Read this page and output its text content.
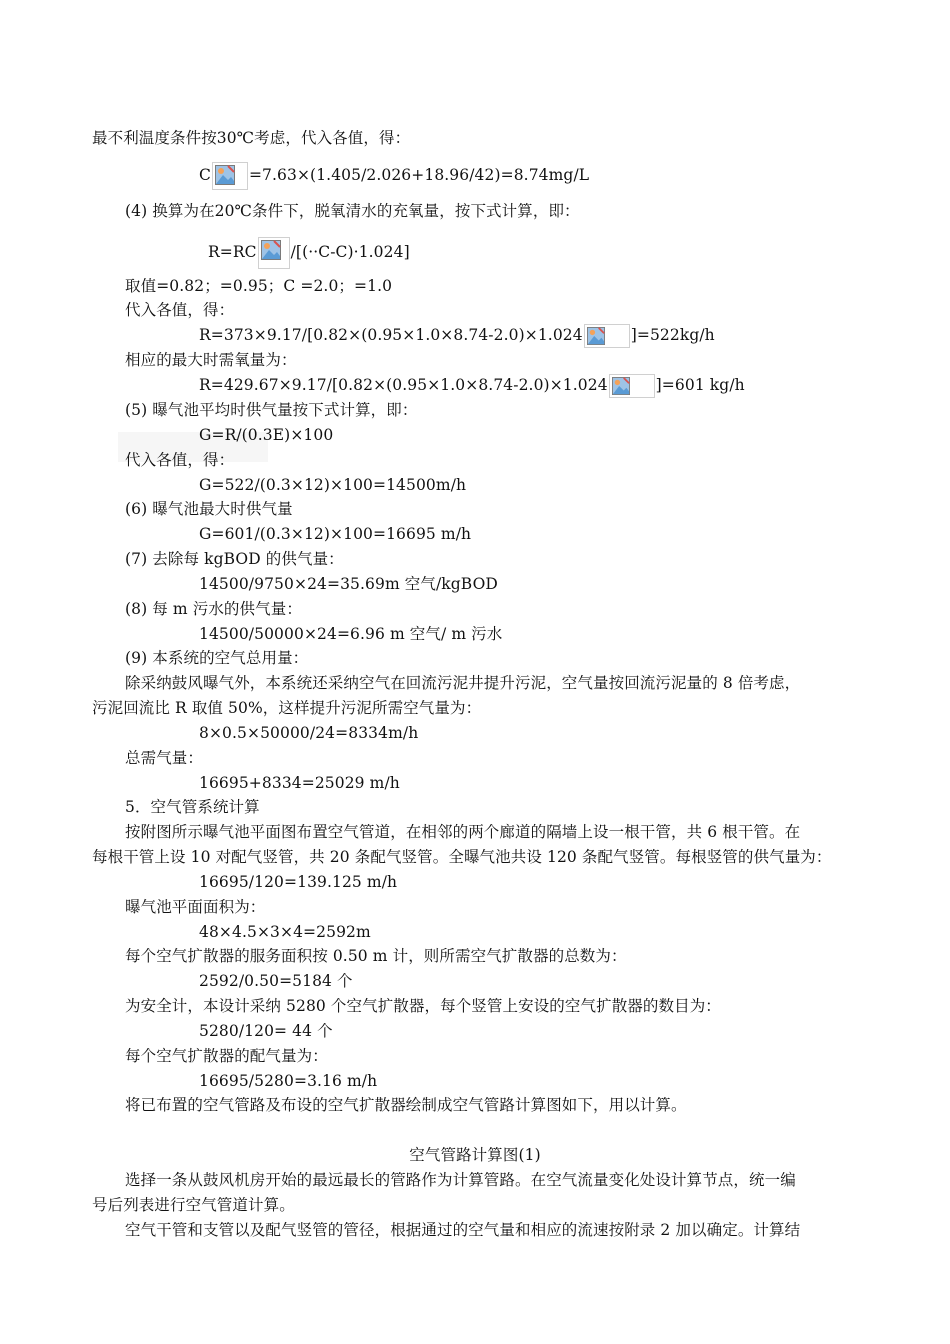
最不利温度条件按30℃考虑，代入各值，得：
C =7.63×(1.405/2.026+18.96/42)=8.74mg/L
(4) 换算为在20℃条件下，脱氧清水的充氧量，按下式计算，即：
R=RC /[(··C-C)·1.024]
取值=0.82；=0.95；C =2.0；=1.0
代入各值，得：
R=373×9.17/[0.82×(0.95×1.0×8.74-2.0)×1.024	]=522kg/h
相应的最大时需氧量为：
R=429.67×9.17/[0.82×(0.95×1.0×8.74-2.0)×1.024	]=601 kg/h
(5) 曝气池平均时供气量按下式计算，即：
G=R/(0.3E)×100
代入各值，得：
G=522/(0.3×12)×100=14500m/h
(6) 曝气池最大时供气量
G=601/(0.3×12)×100=16695 m/h
(7) 去除每 kgBOD 的供气量：
14500/9750×24=35.69m 空气/kgBOD
(8) 每 m 污水的供气量：
14500/50000×24=6.96 m 空气/ m 污水
(9) 本系统的空气总用量：
除采纳鼓风曝气外，本系统还采纳空气在回流污泥井提升污泥，空气量按回流污泥量的 8 倍考虑，
污泥回流比 R 取值 50%，这样提升污泥所需空气量为：
8×0.5×50000/24=8334m/h
总需气量：
16695+8334=25029 m/h
5．空气管系统计算
按附图所示曝气池平面图布置空气管道，在相邻的两个廊道的隔墙上设一根干管，共 6 根干管。在
每根干管上设 10 对配气竖管，共 20 条配气竖管。全曝气池共设 120 条配气竖管。每根竖管的供气量为：
16695/120=139.125 m/h
曝气池平面面积为：
48×4.5×3×4=2592m
每个空气扩散器的服务面积按 0.50 m 计，则所需空气扩散器的总数为：
2592/0.50=5184 个
为安全计，本设计采纳 5280 个空气扩散器，每个竖管上安设的空气扩散器的数目为：
5280/120= 44 个
每个空气扩散器的配气量为：
16695/5280=3.16 m/h
将已布置的空气管路及布设的空气扩散器绘制成空气管路计算图如下，用以计算。
空气管路计算图(1)
选择一条从鼓风机房开始的最远最长的管路作为计算管路。在空气流量变化处设计算节点，统一编
号后列表进行空气管道计算。
空气干管和支管以及配气竖管的管径，根据通过的空气量和相应的流速按附录 2 加以确定。计算结
